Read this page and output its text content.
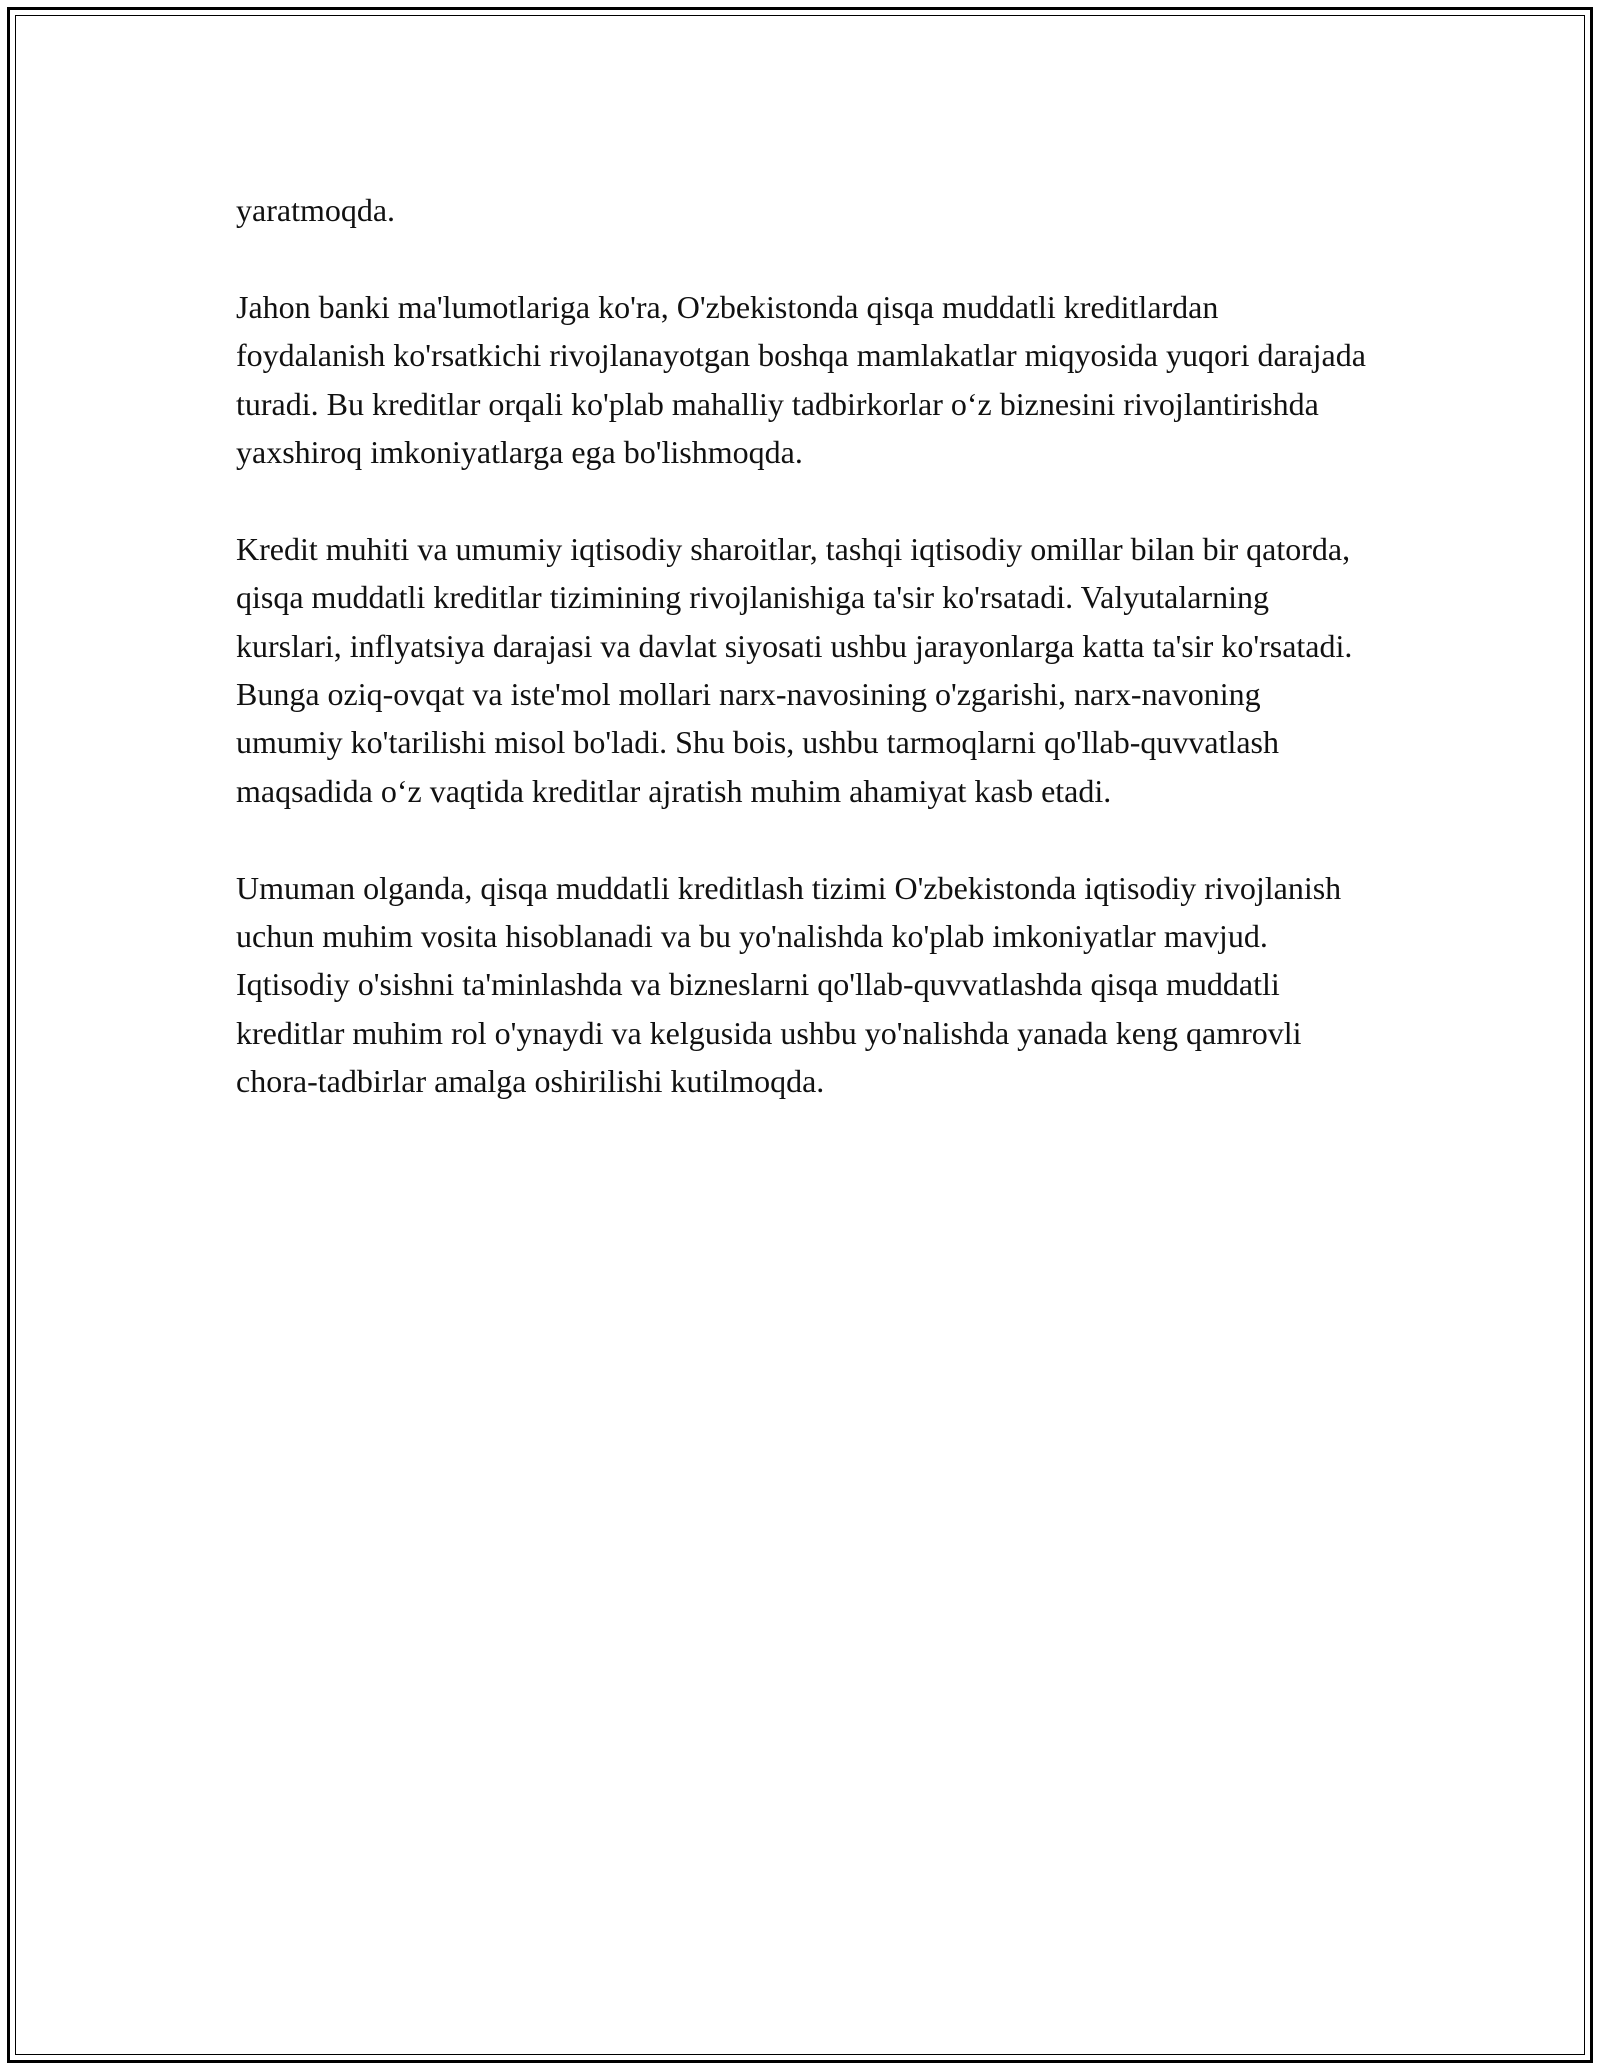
yaratmoqda.

Jahon banki ma'lumotlariga ko'ra, O'zbekistonda qisqa muddatli kreditlardan foydalanish ko'rsatkichi rivojlanayotgan boshqa mamlakatlar miqyosida yuqori darajada turadi. Bu kreditlar orqali ko'plab mahalliy tadbirkorlar o‘z biznesini rivojlantirishda yaxshiroq imkoniyatlarga ega bo'lishmoqda.

Kredit muhiti va umumiy iqtisodiy sharoitlar, tashqi iqtisodiy omillar bilan bir qatorda, qisqa muddatli kreditlar tizimining rivojlanishiga ta'sir ko'rsatadi. Valyutalarning kurslari, inflyatsiya darajasi va davlat siyosati ushbu jarayonlarga katta ta'sir ko'rsatadi. Bunga oziq-ovqat va iste'mol mollari narx-navosining o'zgarishi, narx-navoning umumiy ko'tarilishi misol bo'ladi. Shu bois, ushbu tarmoqlarni qo'llab-quvvatlash maqsadida o‘z vaqtida kreditlar ajratish muhim ahamiyat kasb etadi.

Umuman olganda, qisqa muddatli kreditlash tizimi O'zbekistonda iqtisodiy rivojlanish uchun muhim vosita hisoblanadi va bu yo'nalishda ko'plab imkoniyatlar mavjud. Iqtisodiy o'sishni ta'minlashda va bizneslarni qo'llab-quvvatlashda qisqa muddatli kreditlar muhim rol o'ynaydi va kelgusida ushbu yo'nalishda yanada keng qamrovli chora-tadbirlar amalga oshirilishi kutilmoqda.
